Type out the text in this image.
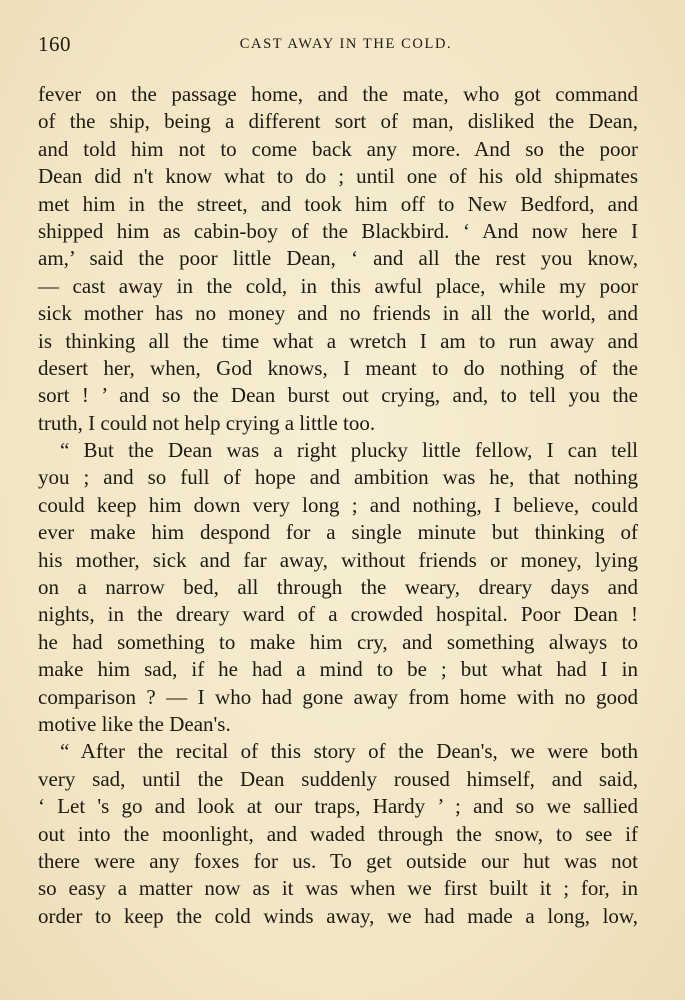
160	CAST AWAY IN THE COLD.
fever on the passage home, and the mate, who got command
of the ship, being a different sort of man, disliked the Dean,
and told him not to come back any more. And so the poor
Dean did n't know what to do ; until one of his old shipmates
met him in the street, and took him off to New Bedford, and
shipped him as cabin-boy of the Blackbird. ‘ And now here I
am,’ said the poor little Dean, ‘ and all the rest you know,
— cast away in the cold, in this awful place, while my poor
sick mother has no money and no friends in all the world, and
is thinking all the time what a wretch I am to run away and
desert her, when, God knows, I meant to do nothing of the
sort ! ’ and so the Dean burst out crying, and, to tell you the
truth, I could not help crying a little too.
“ But the Dean was a right plucky little fellow, I can tell
you ; and so full of hope and ambition was he, that nothing
could keep him down very long ; and nothing, I believe, could
ever make him despond for a single minute but thinking of
his mother, sick and far away, without friends or money, lying
on a narrow bed, all through the weary, dreary days and
nights, in the dreary ward of a crowded hospital. Poor Dean !
he had something to make him cry, and something always to
make him sad, if he had a mind to be ; but what had I in
comparison ? — I who had gone away from home with no good
motive like the Dean's.
“ After the recital of this story of the Dean's, we were both
very sad, until the Dean suddenly roused himself, and said,
‘ Let 's go and look at our traps, Hardy ’ ; and so we sallied
out into the moonlight, and waded through the snow, to see if
there were any foxes for us. To get outside our hut was not
so easy a matter now as it was when we first built it ; for, in
order to keep the cold winds away, we had made a long, low,
